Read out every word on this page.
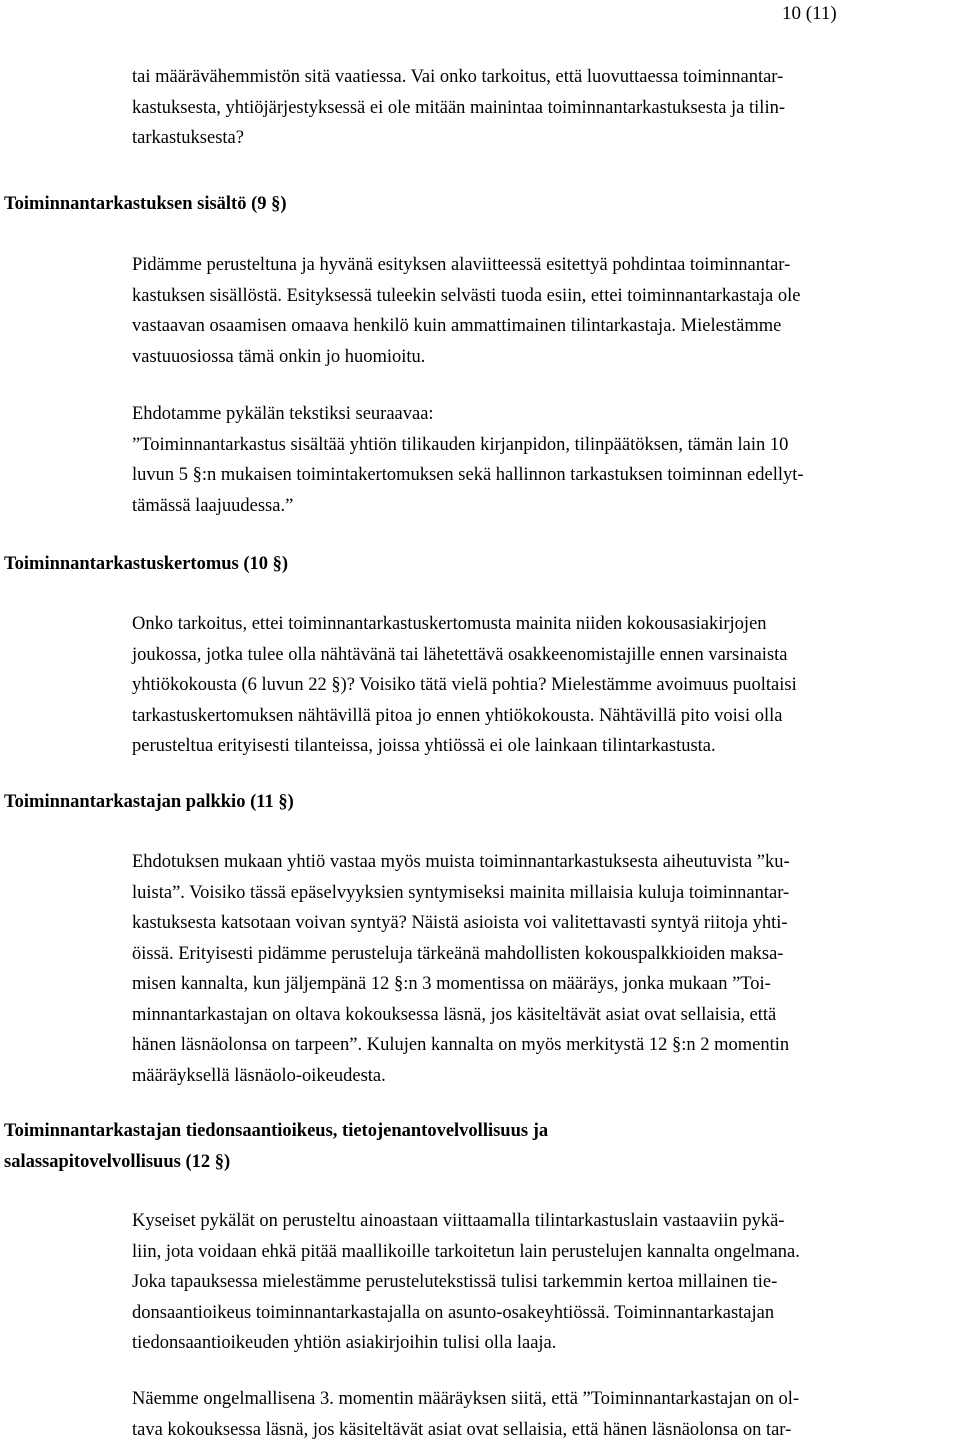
10 (11)
tai määrävähemmistön sitä vaatiessa. Vai onko tarkoitus, että luovuttaessa toiminnantar-
kastuksesta, yhtiöjärjestyksessä ei ole mitään mainintaa toiminnantarkastuksesta ja tilin-
tarkastuksesta?
Toiminnantarkastuksen sisältö (9 §)
Pidämme perusteltuna ja hyvänä esityksen alaviitteessä esitettyä pohdintaa toiminnantar-
kastuksen sisällöstä. Esityksessä tuleekin selvästi tuoda esiin, ettei toiminnantarkastaja ole
vastaavan osaamisen omaava henkilö kuin ammattimainen tilintarkastaja. Mielestämme
vastuuosiossa tämä onkin jo huomioitu.
Ehdotamme pykälän tekstiksi seuraavaa:
”Toiminnantarkastus sisältää yhtiön tilikauden kirjanpidon, tilinpäätöksen, tämän lain 10
luvun 5 §:n mukaisen toimintakertomuksen sekä hallinnon tarkastuksen toiminnan edellyt-
tämässä laajuudessa.”
Toiminnantarkastuskertomus (10 §)
Onko tarkoitus, ettei toiminnantarkastuskertomusta mainita niiden kokousasiakirjojen
joukossa, jotka tulee olla nähtävänä tai lähetettävä osakkeenomistajille ennen varsinaista
yhtiökokousta (6 luvun 22 §)? Voisiko tätä vielä pohtia? Mielestämme avoimuus puoltaisi
tarkastuskertomuksen nähtävillä pitoa jo ennen yhtiökokousta. Nähtävillä pito voisi olla
perusteltua erityisesti tilanteissa, joissa yhtiössä ei ole lainkaan tilintarkastusta.
Toiminnantarkastajan palkkio (11 §)
Ehdotuksen mukaan yhtiö vastaa myös muista toiminnantarkastuksesta aiheutuvista ”ku-
luista”. Voisiko tässä epäselvyyksien syntymiseksi mainita millaisia kuluja toiminnantar-
kastuksesta katsotaan voivan syntyä? Näistä asioista voi valitettavasti syntyä riitoja yhti-
öissä. Erityisesti pidämme perusteluja tärkeänä mahdollisten kokouspalkkioiden maksa-
misen kannalta, kun jäljempänä 12 §:n 3 momentissa on määräys, jonka mukaan ”Toi-
minnantarkastajan on oltava kokouksessa läsnä, jos käsiteltävät asiat ovat sellaisia, että
hänen läsnäolonsa on tarpeen”. Kulujen kannalta on myös merkitystä 12 §:n 2 momentin
määräyksellä läsnäolo-oikeudesta.
Toiminnantarkastajan tiedonsaantioikeus, tietojenantovelvollisuus ja
salassapitovelvollisuus (12 §)
Kyseiset pykälät on perusteltu ainoastaan viittaamalla tilintarkastuslain vastaaviin pykä-
liin, jota voidaan ehkä pitää maallikoille tarkoitetun lain perustelujen kannalta ongelmana.
Joka tapauksessa mielestämme perustelutekstissä tulisi tarkemmin kertoa millainen tie-
donsaantioikeus toiminnantarkastajalla on asunto-osakeyhtiössä. Toiminnantarkastajan
tiedonsaantioikeuden yhtiön asiakirjoihin tulisi olla laaja.
Näemme ongelmallisena 3. momentin määräyksen siitä, että ”Toiminnantarkastajan on ol-
tava kokouksessa läsnä, jos käsiteltävät asiat ovat sellaisia, että hänen läsnäolonsa on tar-
